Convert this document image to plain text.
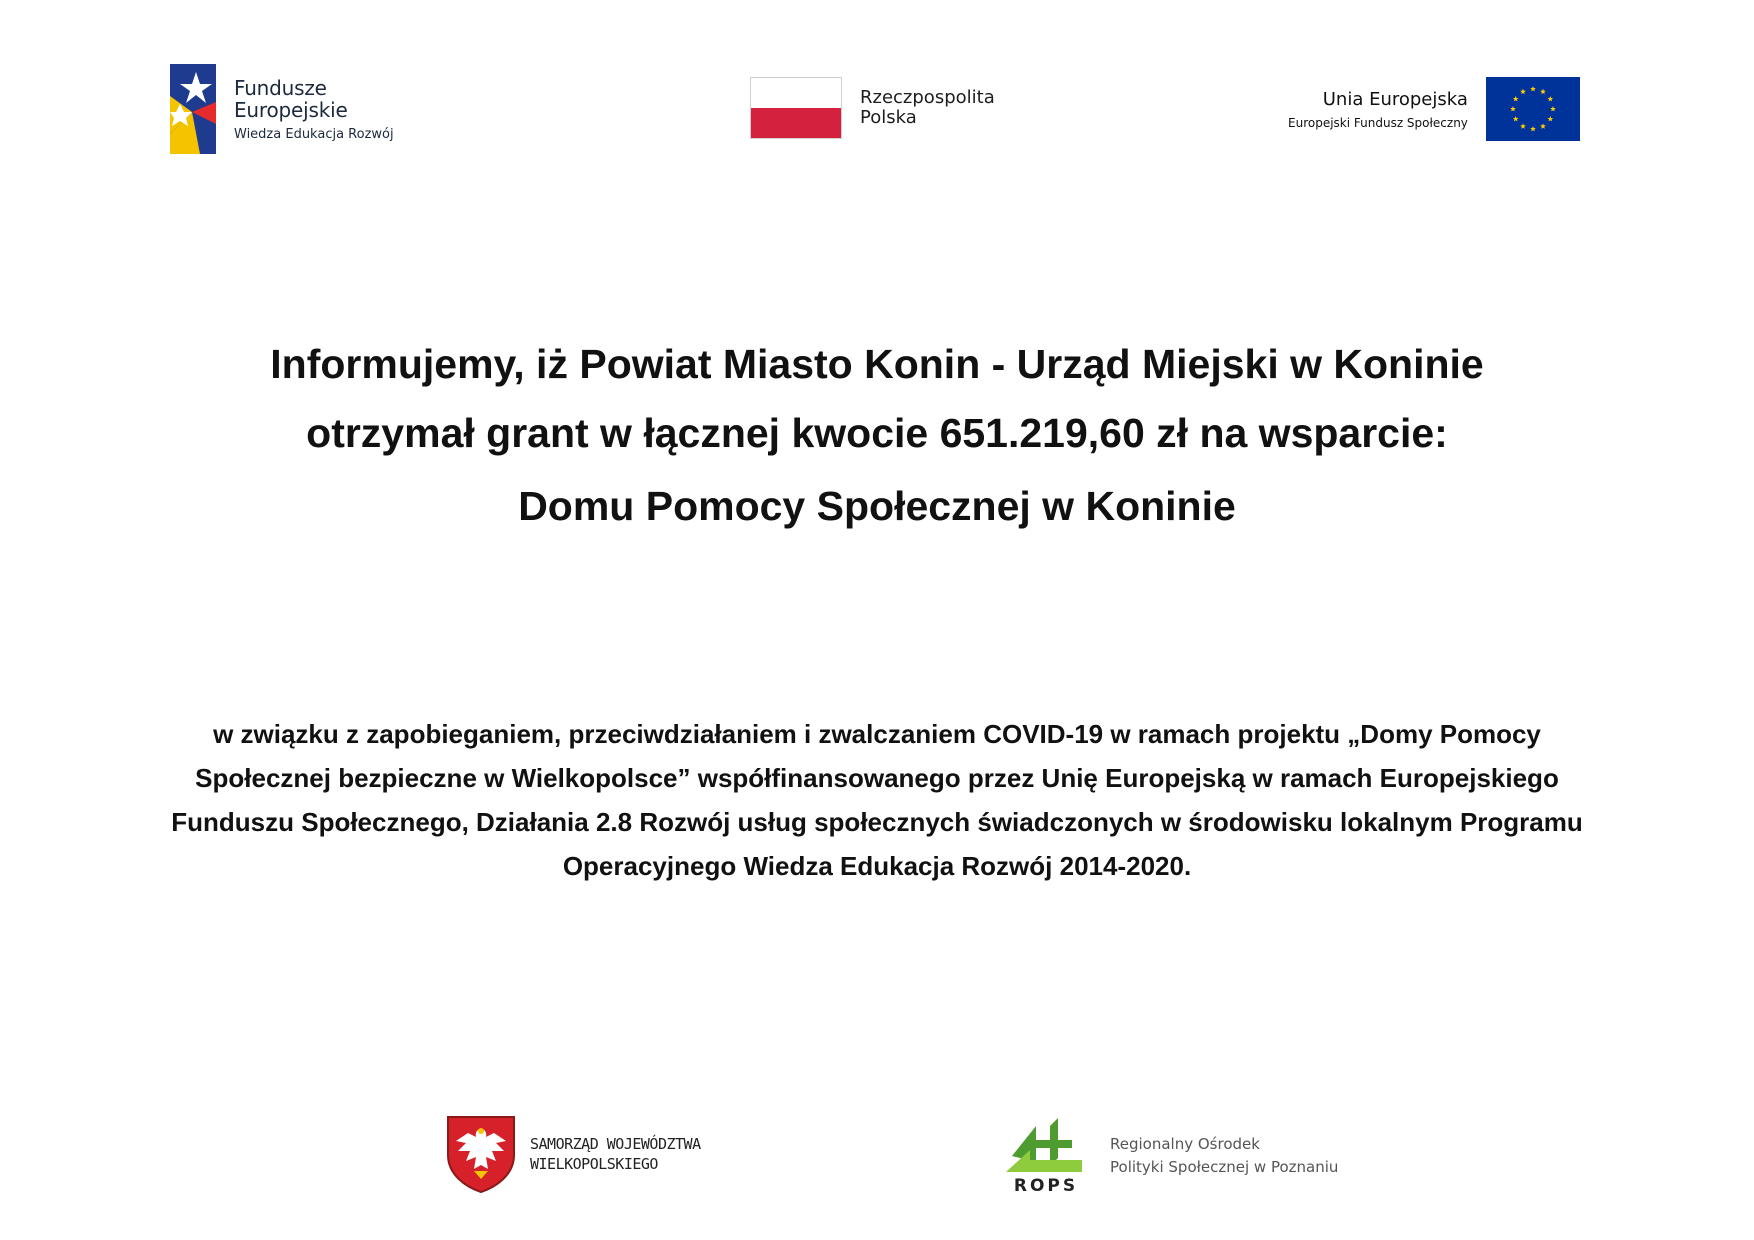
Fundusze
Europejskie
Wiedza Edukacja Rozwój
Rzeczpospolita
Polska
Unia Europejska
Europejski Fundusz Społeczny
Informujemy, iż Powiat Miasto Konin - Urząd Miejski w Koninie
otrzymał grant w łącznej kwocie 651.219,60 zł na wsparcie:
Domu Pomocy Społecznej w Koninie
w związku z zapobieganiem, przeciwdziałaniem i zwalczaniem COVID-19 w ramach projektu „Domy Pomocy Społecznej bezpieczne w Wielkopolsce” współfinansowanego przez Unię Europejską w ramach Europejskiego Funduszu Społecznego, Działania 2.8 Rozwój usług społecznych świadczonych w środowisku lokalnym Programu Operacyjnego Wiedza Edukacja Rozwój 2014-2020.
SAMORZĄD WOJEWÓDZTWA
WIELKOPOLSKIEGO
ROPS
Regionalny Ośrodek
Polityki Społecznej w Poznaniu
